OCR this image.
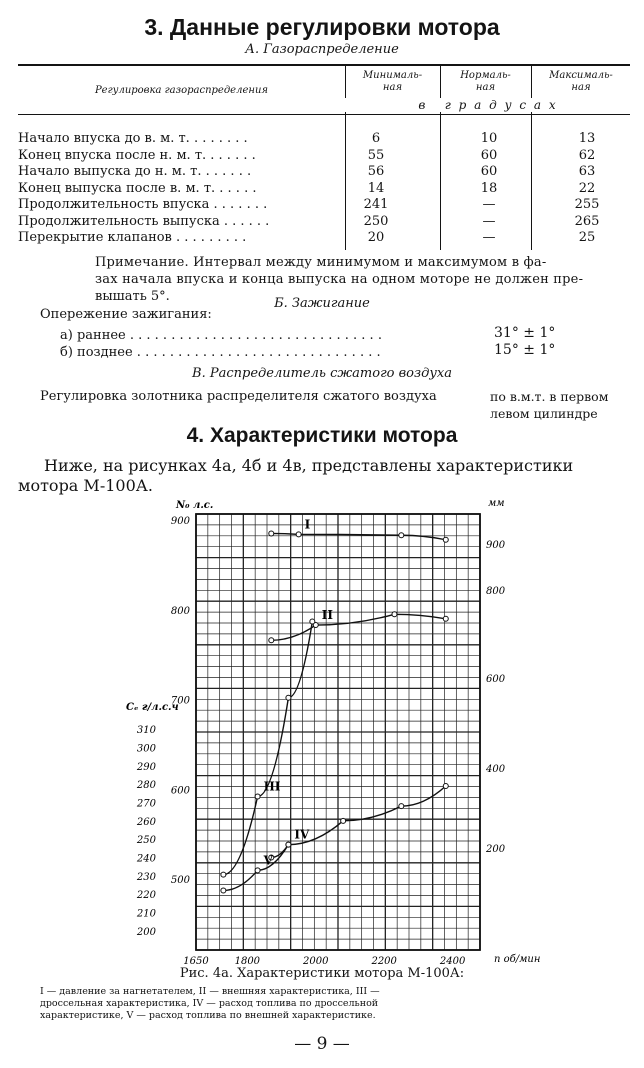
3. Данные регулировки мотора
А. Газораспределение
Регулировка газораспределения
Минималь-
ная
Нормаль-
ная
Максималь-
ная
в   г р а д у с а х
Начало впуска до в. м. т. . . . . . . .	6	10	13
Конец впуска после н. м. т. . . . . . .	55	60	62
Начало выпуска до н. м. т. . . . . . .	56	60	63
Конец выпуска после в. м. т. . . . . .	14	18	22
Продолжительность впуска . . . . . . .	241	—	255
Продолжительность выпуска . . . . . .	250	—	265
Перекрытие клапанов . . . . . . . . .	20	—	25
Примечание. Интервал между минимумом и максимумом в фа-
зах начала впуска и конца выпуска на одном моторе не должен пре-
вышать 5°.	Б. Зажигание
Опережение зажигания:
а) раннее . . . . . . . . . . . . . . . . . . . . . . . . . . . . . . .	31° ± 1°
б) позднее . . . . . . . . . . . . . . . . . . . . . . . . . . . . . .	15° ± 1°
В. Распределитель сжатого воздуха
Регулировка золотника распределителя сжатого воздуха	по в.м.т. в первом
левом цилиндре
4. Характеристики мотора
Ниже, на рисунках 4а, 4б и 4в, представлены характеристики
мотора М-100А.
1650	1800	2000	2200	2400	n об/мин
500
600
700
800
900
N₀ л.с.
200
210
220
230
240
250
260
270
280
290
300
310
Cₑ г/л.с.ч
200
400
600
800
900
мм
I
II
III
IV
V
Рис. 4а. Характеристики мотора М-100А:
I — давление за нагнетателем, II — внешняя характеристика, III —
дроссельная характеристика, IV — расход топлива по дроссельной
характеристике, V — расход топлива по внешней характеристике.
— 9 —
